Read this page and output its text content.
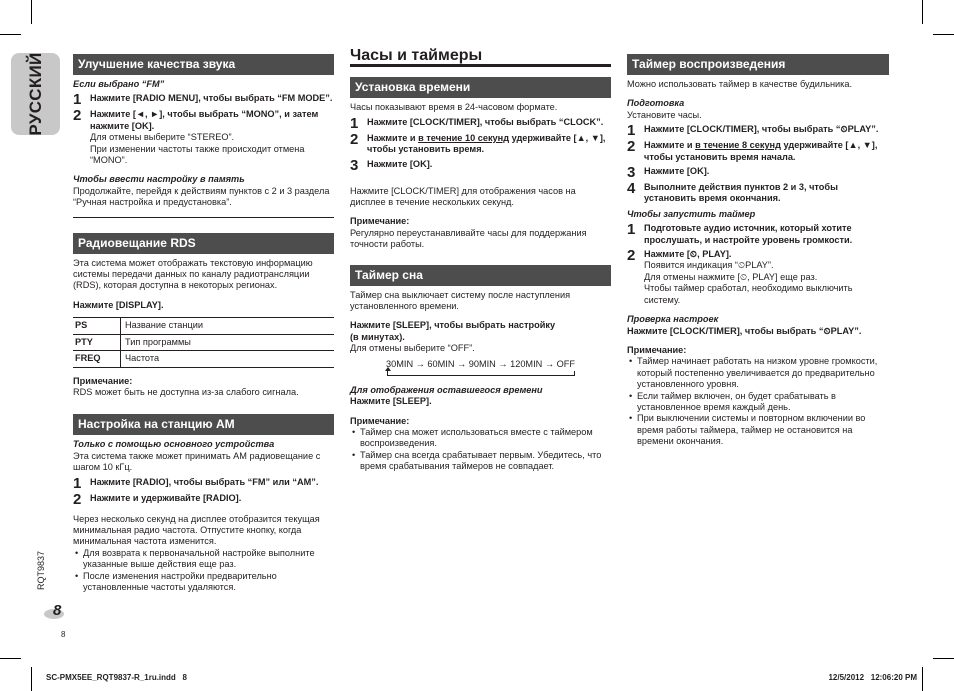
РУССКИЙ
RQT9837
8
8
Улучшение качества звука

Если выбрано “FM”

1 Нажмите [RADIO MENU], чтобы выбрать “FM MODE”.
2 Нажмите [◄, ►], чтобы выбрать “MONO”, и затем нажмите [OK].

Для отмены выберите “STEREO”.

При изменении частоты также происходит отмена “MONO”.

Чтобы ввести настройку в память

Продолжайте, перейдя к действиям пунктов с 2 и 3 раздела “Ручная настройка и предустановка”.

Радиовещание RDS

Эта система может отображать текстовую информацию системы передачи данных по каналу радиотрансляции (RDS), которая доступна в некоторых регионах.

Нажмите [DISPLAY].

PS	Название станции
PTY	Тип программы
FREQ	Частота

Примечание:

RDS может быть не доступна из-за слабого сигнала.

Настройка на станцию AM

Только с помощью основного устройства

Эта система также может принимать AM радиовещание с шагом 10 кГц.

1 Нажмите [RADIO], чтобы выбрать “FM” или “AM”.
2 Нажмите и удерживайте [RADIO].

Через несколько секунд на дисплее отобразится текущая минимальная радио частота. Отпустите кнопку, когда минимальная частота изменится.

• Для возврата к первоначальной настройке выполните указанные выше действия еще раз.
• После изменения настройки предварительно установленные частоты удаляются.
Часы и таймеры
Установка времени

Часы показывают время в 24-часовом формате.

1 Нажмите [CLOCK/TIMER], чтобы выбрать “CLOCK”.
2 Нажмите и в течение 10 секунд удерживайте [▲, ▼], чтобы установить время.
3 Нажмите [OK].

Нажмите [CLOCK/TIMER] для отображения часов на дисплее в течение нескольких секунд.

Примечание:

Регулярно переустанавливайте часы для поддержания точности работы.

Таймер сна

Таймер сна выключает систему после наступления установленного времени.

Нажмите [SLEEP], чтобы выбрать настройку (в минутах).

Для отмены выберите “OFF”.

30MIN → 60MIN → 90MIN → 120MIN → OFF

Для отображения оставшегося времени

Нажмите [SLEEP].

Примечание:

• Таймер сна может использоваться вместе с таймером воспроизведения.
• Таймер сна всегда срабатывает первым. Убедитесь, что время срабатывания таймеров не совпадает.
Таймер воспроизведения

Можно использовать таймер в качестве будильника.

Подготовка

Установите часы.

1 Нажмите [CLOCK/TIMER], чтобы выбрать “⏲PLAY”.
2 Нажмите и в течение 8 секунд удерживайте [▲, ▼], чтобы установить время начала.
3 Нажмите [OK].
4 Выполните действия пунктов 2 и 3, чтобы установить время окончания.

Чтобы запустить таймер

1 Подготовьте аудио источник, который хотите прослушать, и настройте уровень громкости.
2 Нажмите [⏲, PLAY].

Появится индикация “⏲PLAY”.

Для отмены нажмите [⏲, PLAY] еще раз.

Чтобы таймер сработал, необходимо выключить систему.

Проверка настроек

Нажмите [CLOCK/TIMER], чтобы выбрать “⏲PLAY”.

Примечание:

• Таймер начинает работать на низком уровне громкости, который постепенно увеличивается до предварительно установленного уровня.
• Если таймер включен, он будет срабатывать в установленное время каждый день.
• При выключении системы и повторном включении во время работы таймера, таймер не остановится на времени окончания.
SC-PMX5EE_RQT9837-R_1ru.indd   8	12/5/2012   12:06:20 PM
